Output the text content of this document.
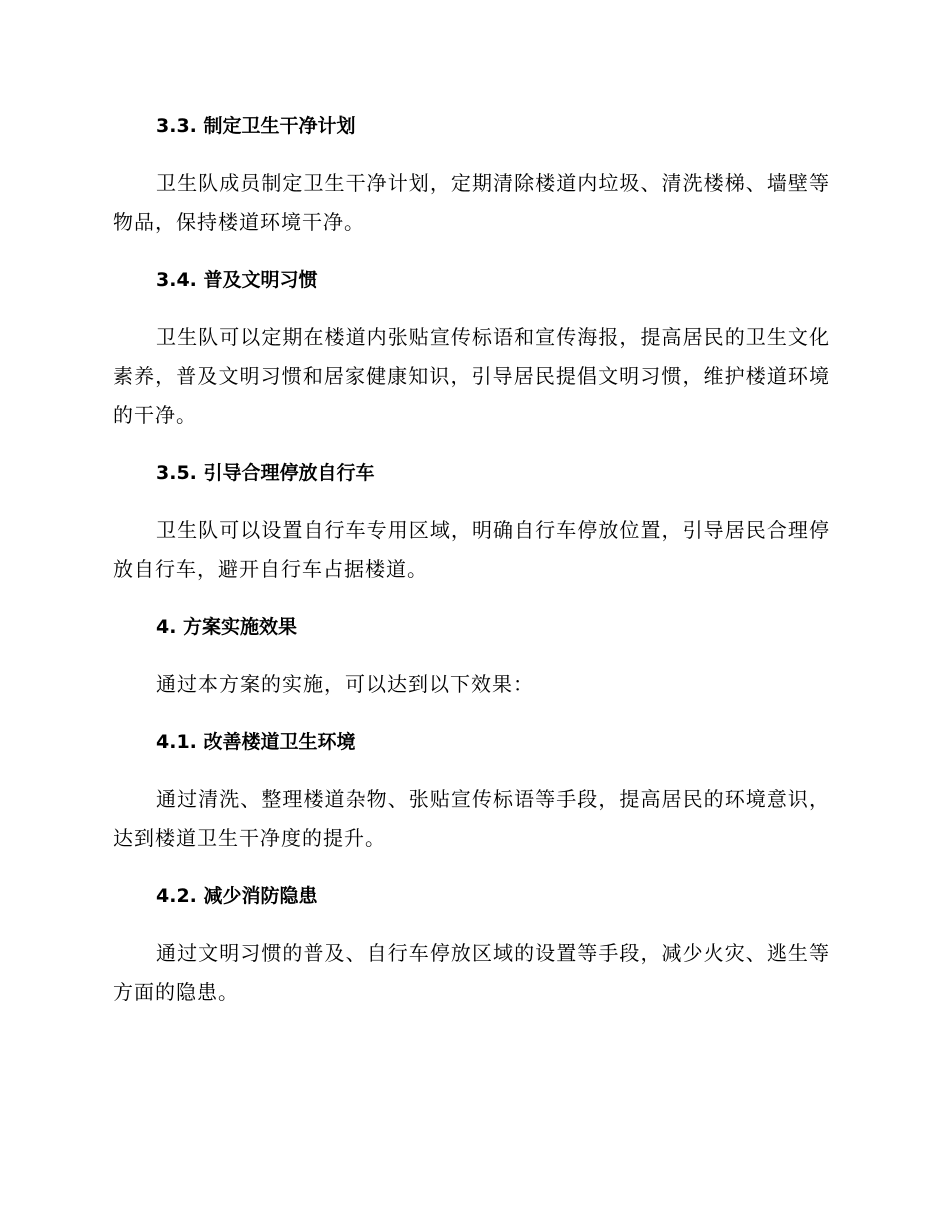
3.3. 制定卫生干净计划

卫生队成员制定卫生干净计划，定期清除楼道内垃圾、清洗楼梯、墙壁等物品，保持楼道环境干净。

3.4. 普及文明习惯

卫生队可以定期在楼道内张贴宣传标语和宣传海报，提高居民的卫生文化素养，普及文明习惯和居家健康知识，引导居民提倡文明习惯，维护楼道环境的干净。

3.5. 引导合理停放自行车

卫生队可以设置自行车专用区域，明确自行车停放位置，引导居民合理停放自行车，避开自行车占据楼道。

4. 方案实施效果

通过本方案的实施，可以达到以下效果：

4.1. 改善楼道卫生环境

通过清洗、整理楼道杂物、张贴宣传标语等手段，提高居民的环境意识，达到楼道卫生干净度的提升。

4.2. 减少消防隐患

通过文明习惯的普及、自行车停放区域的设置等手段，减少火灾、逃生等方面的隐患。
